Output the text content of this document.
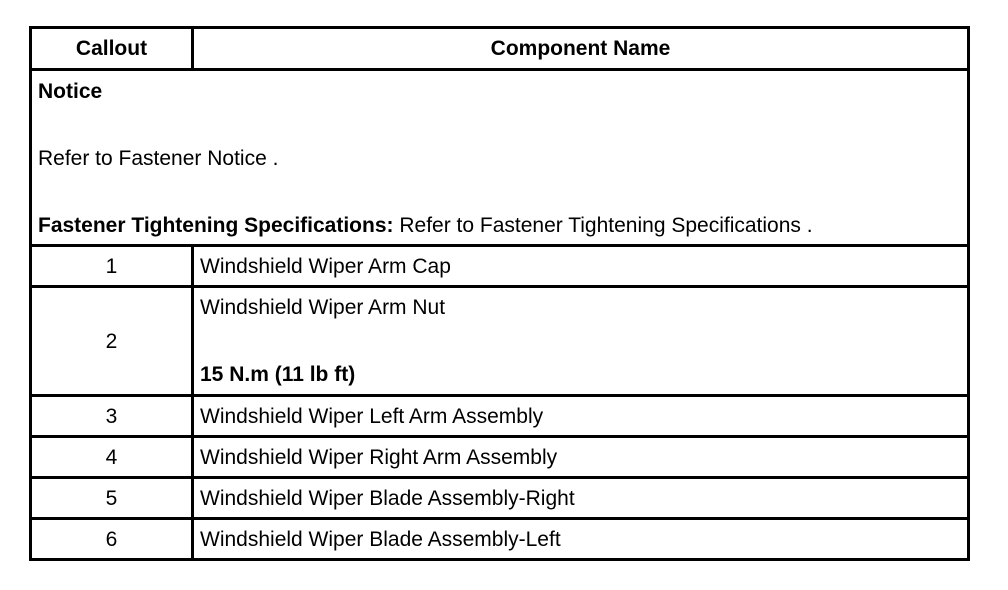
Callout	Component Name

Notice
Refer to Fastener Notice .
Fastener Tightening Specifications: Refer to Fastener Tightening Specifications .	

1	Windshield Wiper Arm Cap
2	Windshield Wiper Arm Nut
15 N.m (11 lb ft)

3	Windshield Wiper Left Arm Assembly
4	Windshield Wiper Right Arm Assembly
5	Windshield Wiper Blade Assembly-Right
6	Windshield Wiper Blade Assembly-Left
